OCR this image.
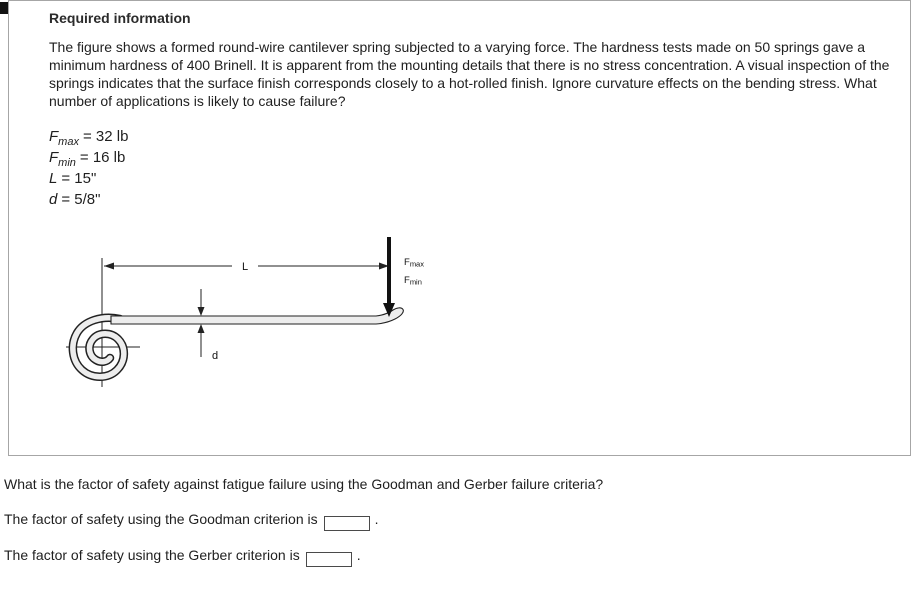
Required information
The figure shows a formed round-wire cantilever spring subjected to a varying force. The hardness tests made on 50 springs gave a minimum hardness of 400 Brinell. It is apparent from the mounting details that there is no stress concentration. A visual inspection of the springs indicates that the surface finish corresponds closely to a hot-rolled finish. Ignore curvature effects on the bending stress. What number of applications is likely to cause failure?
$F_{max} = 32$ lb
$F_{min} = 16$ lb
L = 15"
d = 5/8"
L
d
Fmax
Fmin
What is the factor of safety against fatigue failure using the Goodman and Gerber failure criteria?
The factor of safety using the Goodman criterion is	.
The factor of safety using the Gerber criterion is	.
